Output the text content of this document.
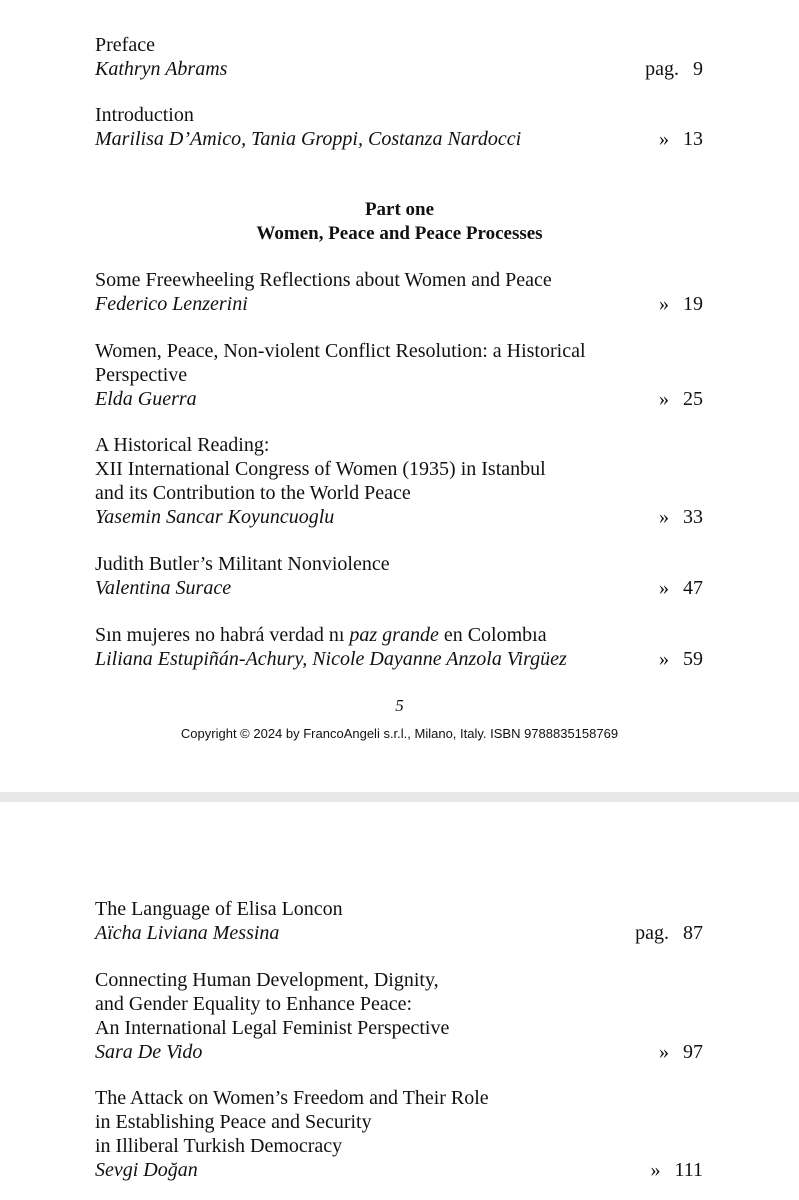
Preface
Kathryn Abrams	pag. 9
Introduction
Marilisa D’Amico, Tania Groppi, Costanza Nardocci	» 13
Part one
Women, Peace and Peace Processes
Some Freewheeling Reflections about Women and Peace
Federico Lenzerini	» 19
Women, Peace, Non-violent Conflict Resolution: a Historical
Perspective
Elda Guerra	» 25
A Historical Reading:
XII International Congress of Women (1935) in Istanbul
and its Contribution to the World Peace
Yasemin Sancar Koyuncuoglu	» 33
Judith Butler’s Militant Nonviolence
Valentina Surace	» 47
Sın mujeres no habrá verdad nı paz grande en Colombıa
Liliana Estupiñán-Achury, Nicole Dayanne Anzola Virgüez	» 59
5
Copyright © 2024 by FrancoAngeli s.r.l., Milano, Italy. ISBN 9788835158769
The Language of Elisa Loncon
Aïcha Liviana Messina	pag. 87
Connecting Human Development, Dignity,
and Gender Equality to Enhance Peace:
An International Legal Feminist Perspective
Sara De Vido	» 97
The Attack on Women’s Freedom and Their Role
in Establishing Peace and Security
in Illiberal Turkish Democracy
Sevgi Doğan	» 111
